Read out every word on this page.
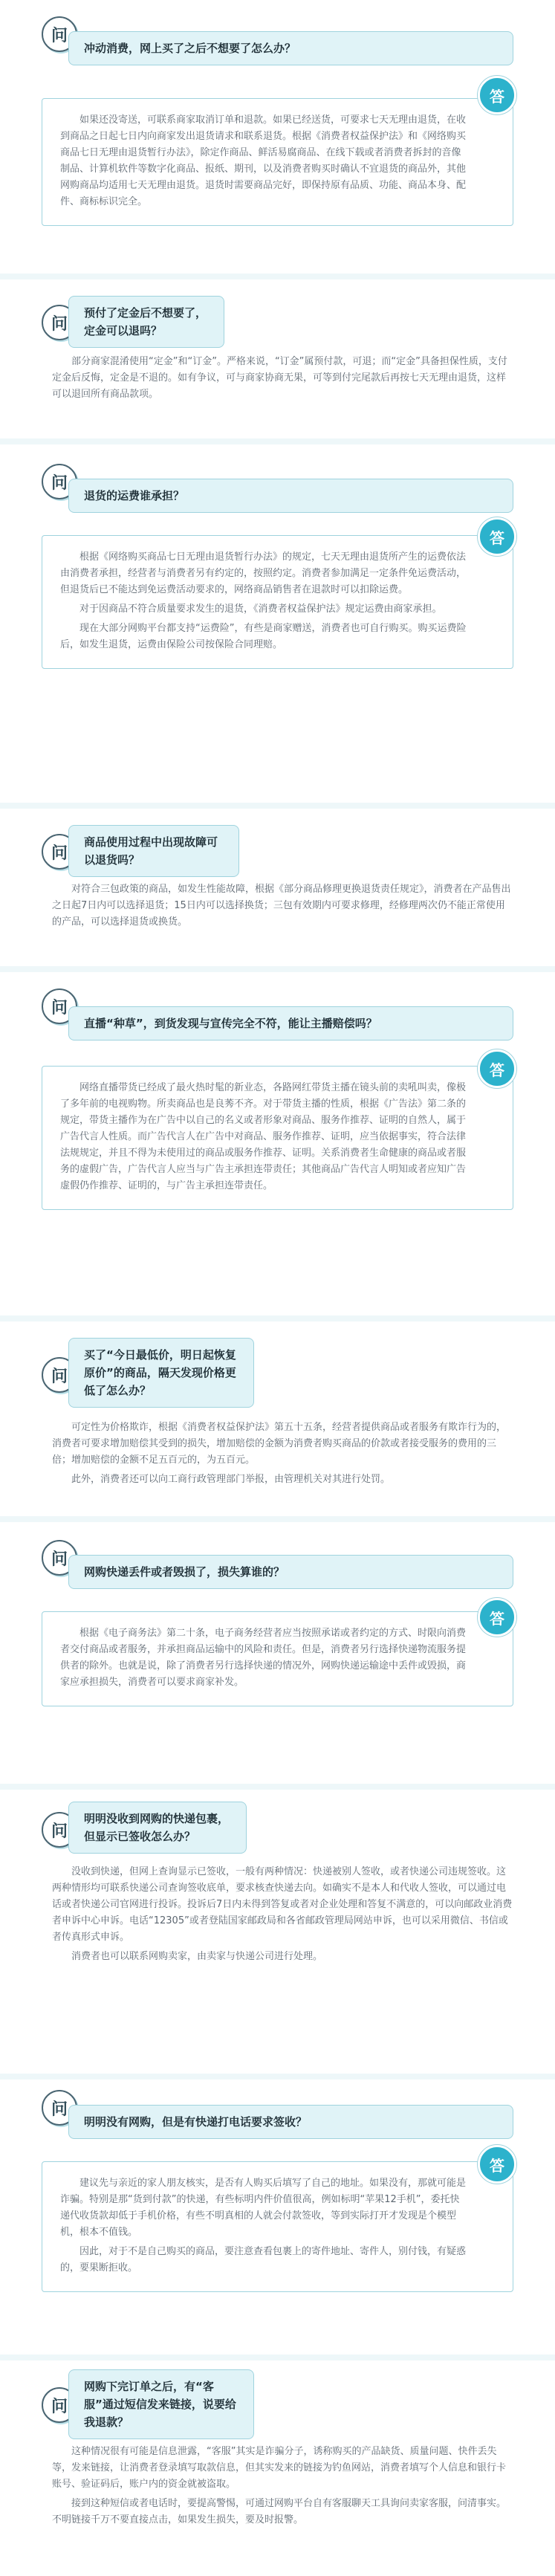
问
冲动消费，网上买了之后不想要了怎么办？

如果还没寄送，可联系商家取消订单和退款。如果已经送货，可要求七天无理由退货，在收到商品之日起七日内向商家发出退货请求和联系退货。根据《消费者权益保护法》和《网络购买商品七日无理由退货暂行办法》，除定作商品、鲜活易腐商品、在线下载或者消费者拆封的音像制品、计算机软件等数字化商品、报纸、期刊，以及消费者购买时确认不宜退货的商品外，其他网购商品均适用七天无理由退货。退货时需要商品完好，即保持原有品质、功能、商品本身、配件、商标标识完全。

答
问
预付了定金后不想要了，定金可以退吗？

部分商家混淆使用“定金”和“订金”。严格来说，“订金”属预付款，可退；而“定金”具备担保性质，支付定金后反悔，定金是不退的。如有争议，可与商家协商无果，可等到付完尾款后再按七天无理由退货，这样可以退回所有商品款项。

问
退货的运费谁承担？

根据《网络购买商品七日无理由退货暂行办法》的规定，七天无理由退货所产生的运费依法由消费者承担，经营者与消费者另有约定的，按照约定。消费者参加满足一定条件免运费活动，但退货后已不能达到免运费活动要求的，网络商品销售者在退款时可以扣除运费。

对于因商品不符合质量要求发生的退货，《消费者权益保护法》规定运费由商家承担。

现在大部分网购平台都支持“运费险”，有些是商家赠送，消费者也可自行购买。购买运费险后，如发生退货，运费由保险公司按保险合同理赔。

答
问
商品使用过程中出现故障可以退货吗？

对符合三包政策的商品，如发生性能故障，根据《部分商品修理更换退货责任规定》，消费者在产品售出之日起7日内可以选择退货；15日内可以选择换货；三包有效期内可要求修理，经修理两次仍不能正常使用的产品，可以选择退货或换货。

问
直播“种草”，到货发现与宣传完全不符，能让主播赔偿吗？

网络直播带货已经成了最火热时髦的新业态，各路网红带货主播在镜头前的卖吼叫卖，像极了多年前的电视购物。所卖商品也是良莠不齐。对于带货主播的性质，根据《广告法》第二条的规定，带货主播作为在广告中以自己的名义或者形象对商品、服务作推荐、证明的自然人，属于广告代言人性质。而广告代言人在广告中对商品、服务作推荐、证明，应当依据事实，符合法律法规规定，并且不得为未使用过的商品或服务作推荐、证明。关系消费者生命健康的商品或者服务的虚假广告，广告代言人应当与广告主承担连带责任；其他商品广告代言人明知或者应知广告虚假仍作推荐、证明的，与广告主承担连带责任。

答
问
买了“今日最低价，明日起恢复原价”的商品，隔天发现价格更低了怎么办？

可定性为价格欺诈，根据《消费者权益保护法》第五十五条，经营者提供商品或者服务有欺诈行为的，消费者可要求增加赔偿其受到的损失，增加赔偿的金额为消费者购买商品的价款或者接受服务的费用的三倍；增加赔偿的金额不足五百元的，为五百元。

此外，消费者还可以向工商行政管理部门举报，由管理机关对其进行处罚。

问
网购快递丢件或者毁损了，损失算谁的？

根据《电子商务法》第二十条，电子商务经营者应当按照承诺或者约定的方式、时限向消费者交付商品或者服务，并承担商品运输中的风险和责任。但是，消费者另行选择快递物流服务提供者的除外。也就是说，除了消费者另行选择快递的情况外，网购快递运输途中丢件或毁损，商家应承担损失，消费者可以要求商家补发。

答
问
明明没收到网购的快递包裹，但显示已签收怎么办？

没收到快递，但网上查询显示已签收，一般有两种情况：快递被别人签收，或者快递公司违规签收。这两种情形均可联系快递公司查询签收底单，要求核查快递去向。如确实不是本人和代收人签收，可以通过电话或者快递公司官网进行投诉。投诉后7日内未得到答复或者对企业处理和答复不满意的，可以向邮政业消费者申诉中心申诉。电话“12305”或者登陆国家邮政局和各省邮政管理局网站申诉，也可以采用微信、书信或者传真形式申诉。

消费者也可以联系网购卖家，由卖家与快递公司进行处理。

问
明明没有网购，但是有快递打电话要求签收？

建议先与亲近的家人朋友核实，是否有人购买后填写了自己的地址。如果没有，那就可能是诈骗。特别是那“货到付款”的快递，有些标明内件价值很高，例如标明“苹果12手机”，委托快递代收货款却低于手机价格，有些不明真相的人就会付款签收，等到实际打开才发现是个模型机，根本不值钱。

因此，对于不是自己购买的商品，要注意查看包裹上的寄件地址、寄件人，别付钱，有疑惑的，要果断拒收。

答
问
网购下完订单之后，有“客服”通过短信发来链接，说要给我退款？

这种情况很有可能是信息泄露，“客服”其实是诈骗分子，诱称购买的产品缺货、质量问题、快件丢失等，发来链接，让消费者登录填写取款信息，但其实发来的链接为钓鱼网站，消费者填写个人信息和银行卡账号、验证码后，账户内的资金就被盗取。

接到这种短信或者电话时，要提高警惕，可通过网购平台自有客服聊天工具询问卖家客服，问清事实。不明链接千万不要直接点击，如果发生损失，要及时报警。
